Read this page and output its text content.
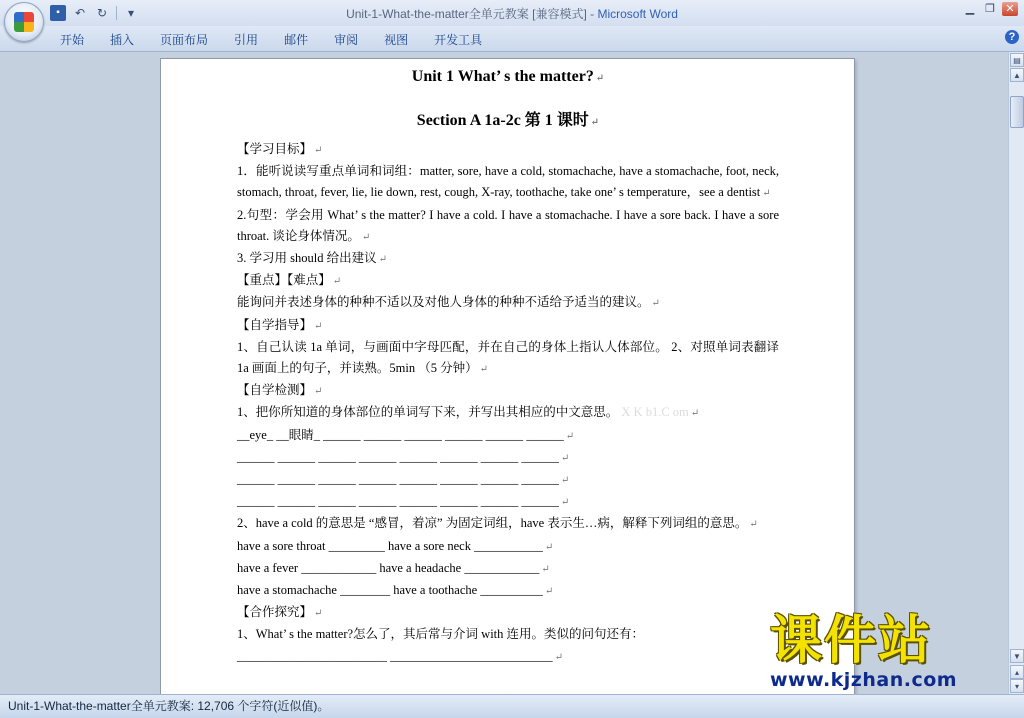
▪	↶ ↻	▾	Unit-1-What-the-matter全单元教案 [兼容模式] - Microsoft Word	▁ ❐ ✕
开始	插入	页面布局	引用	邮件	审阅	视图	开发工具	?
Unit 1 What’ s the matter? ↵
Section A 1a-2c 第 1 课时 ↵
【学习目标】 ↵
1．能听说读写重点单词和词组：matter, sore, have a cold, stomachache, have a stomachache, foot, neck, stomach, throat, fever, lie, lie down, rest, cough, X-ray, toothache, take one’ s temperature，see a dentist ↵
2.句型：学会用 What’ s the matter? I have a cold. I have a stomachache. I have a sore back. I have a sore throat. 谈论身体情况。 ↵
3. 学习用 should 给出建议 ↵
【重点】【难点】 ↵
能询问并表述身体的种种不适以及对他人身体的种种不适给予适当的建议。 ↵
【自学指导】 ↵
1、自己认读 1a 单词，与画面中字母匹配，并在自己的身体上指认人体部位。 2、对照单词表翻译 1a 画面上的句子，并读熟。5min （5 分钟） ↵
【自学检测】 ↵
1、把你所知道的身体部位的单词写下来，并写出其相应的中文意思。 X K b1.C om ↵
__eye_ __眼睛_ ______ ______ ______ ______ ______ ______ ↵
______ ______ ______ ______ ______ ______ ______ ______ ↵
______ ______ ______ ______ ______ ______ ______ ______ ↵
______ ______ ______ ______ ______ ______ ______ ______ ↵
2、have a cold 的意思是 “感冒，着凉” 为固定词组，have 表示生…病，解释下列词组的意思。 ↵
have a sore throat _________ have a sore neck ___________ ↵
have a fever ____________ have a headache ____________ ↵
have a stomachache ________ have a toothache __________ ↵
【合作探究】 ↵
1、What’ s the matter?怎么了，其后常与介词 with 连用。类似的问句还有：
________________________ __________________________ ↵
▤
▲
▼
▴
▾
Unit-1-What-the-matter全单元教案: 12,706 个字符(近似值)。
课件站
www.kjzhan.com
